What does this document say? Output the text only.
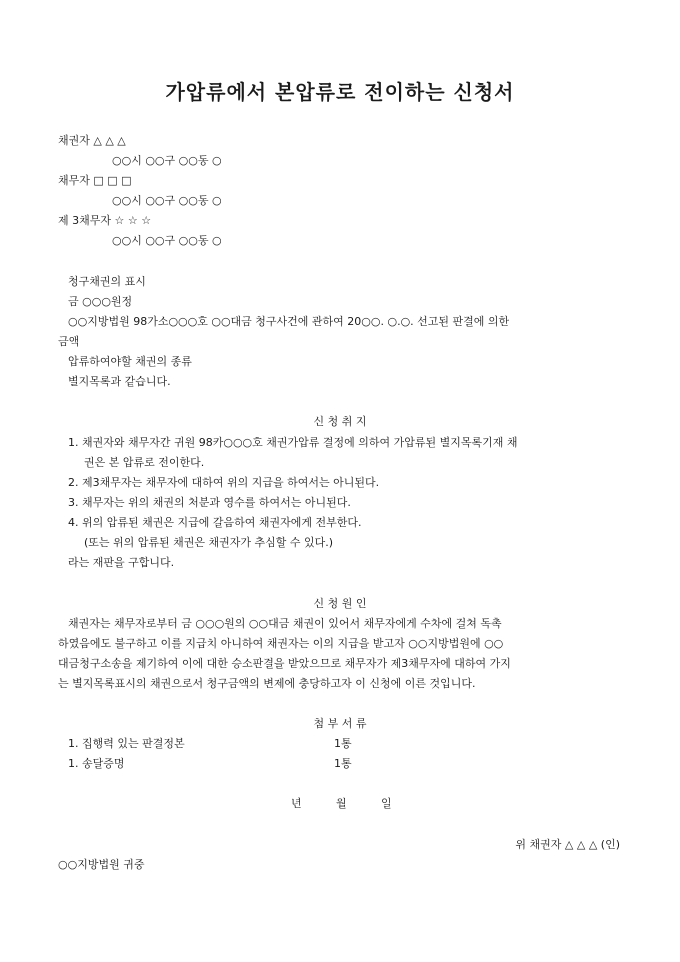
가압류에서 본압류로 전이하는 신청서
채권자 △ △ △
○○시 ○○구 ○○동 ○
채무자 □ □ □
○○시 ○○구 ○○동 ○
제 3채무자 ☆ ☆ ☆
○○시 ○○구 ○○동 ○
청구채권의 표시
금 ○○○원정
○○지방법원 98가소○○○호 ○○대금 청구사건에 관하여 20○○. ○.○. 선고된 판결에 의한
금액
압류하여야할 채권의 종류
별지목록과 같습니다.
신 청 취 지
1. 채권자와 채무자간 귀원 98카○○○호 채권가압류 결정에 의하여 가압류된 별지목록기재 채
권은 본 압류로 전이한다.
2. 제3채무자는 채무자에 대하여 위의 지급을 하여서는 아니된다.
3. 채무자는 위의 채권의 처분과 영수를 하여서는 아니된다.
4. 위의 압류된 채권은 지급에 갈음하여 채권자에게 전부한다.
(또는 위의 압류된 채권은 채권자가 추심할 수 있다.)
라는 재판을 구합니다.
신 청 원 인
채권자는 채무자로부터 금 ○○○원의 ○○대금 채권이 있어서 채무자에게 수차에 걸쳐 독촉
하였음에도 불구하고 이를 지급치 아니하여 채권자는 이의 지급을 받고자 ○○지방법원에 ○○
대금청구소송을 제기하여 이에 대한 승소판결을 받았으므로 채무자가 제3채무자에 대하여 가지
는 별지목록표시의 채권으로서 청구금액의 변제에 충당하고자 이 신청에 이른 것입니다.
첨 부 서 류
1. 집행력 있는 판결정본	1통
1. 송달증명	1통
년	월	일
위 채권자 △ △ △ (인)
○○지방법원 귀중
